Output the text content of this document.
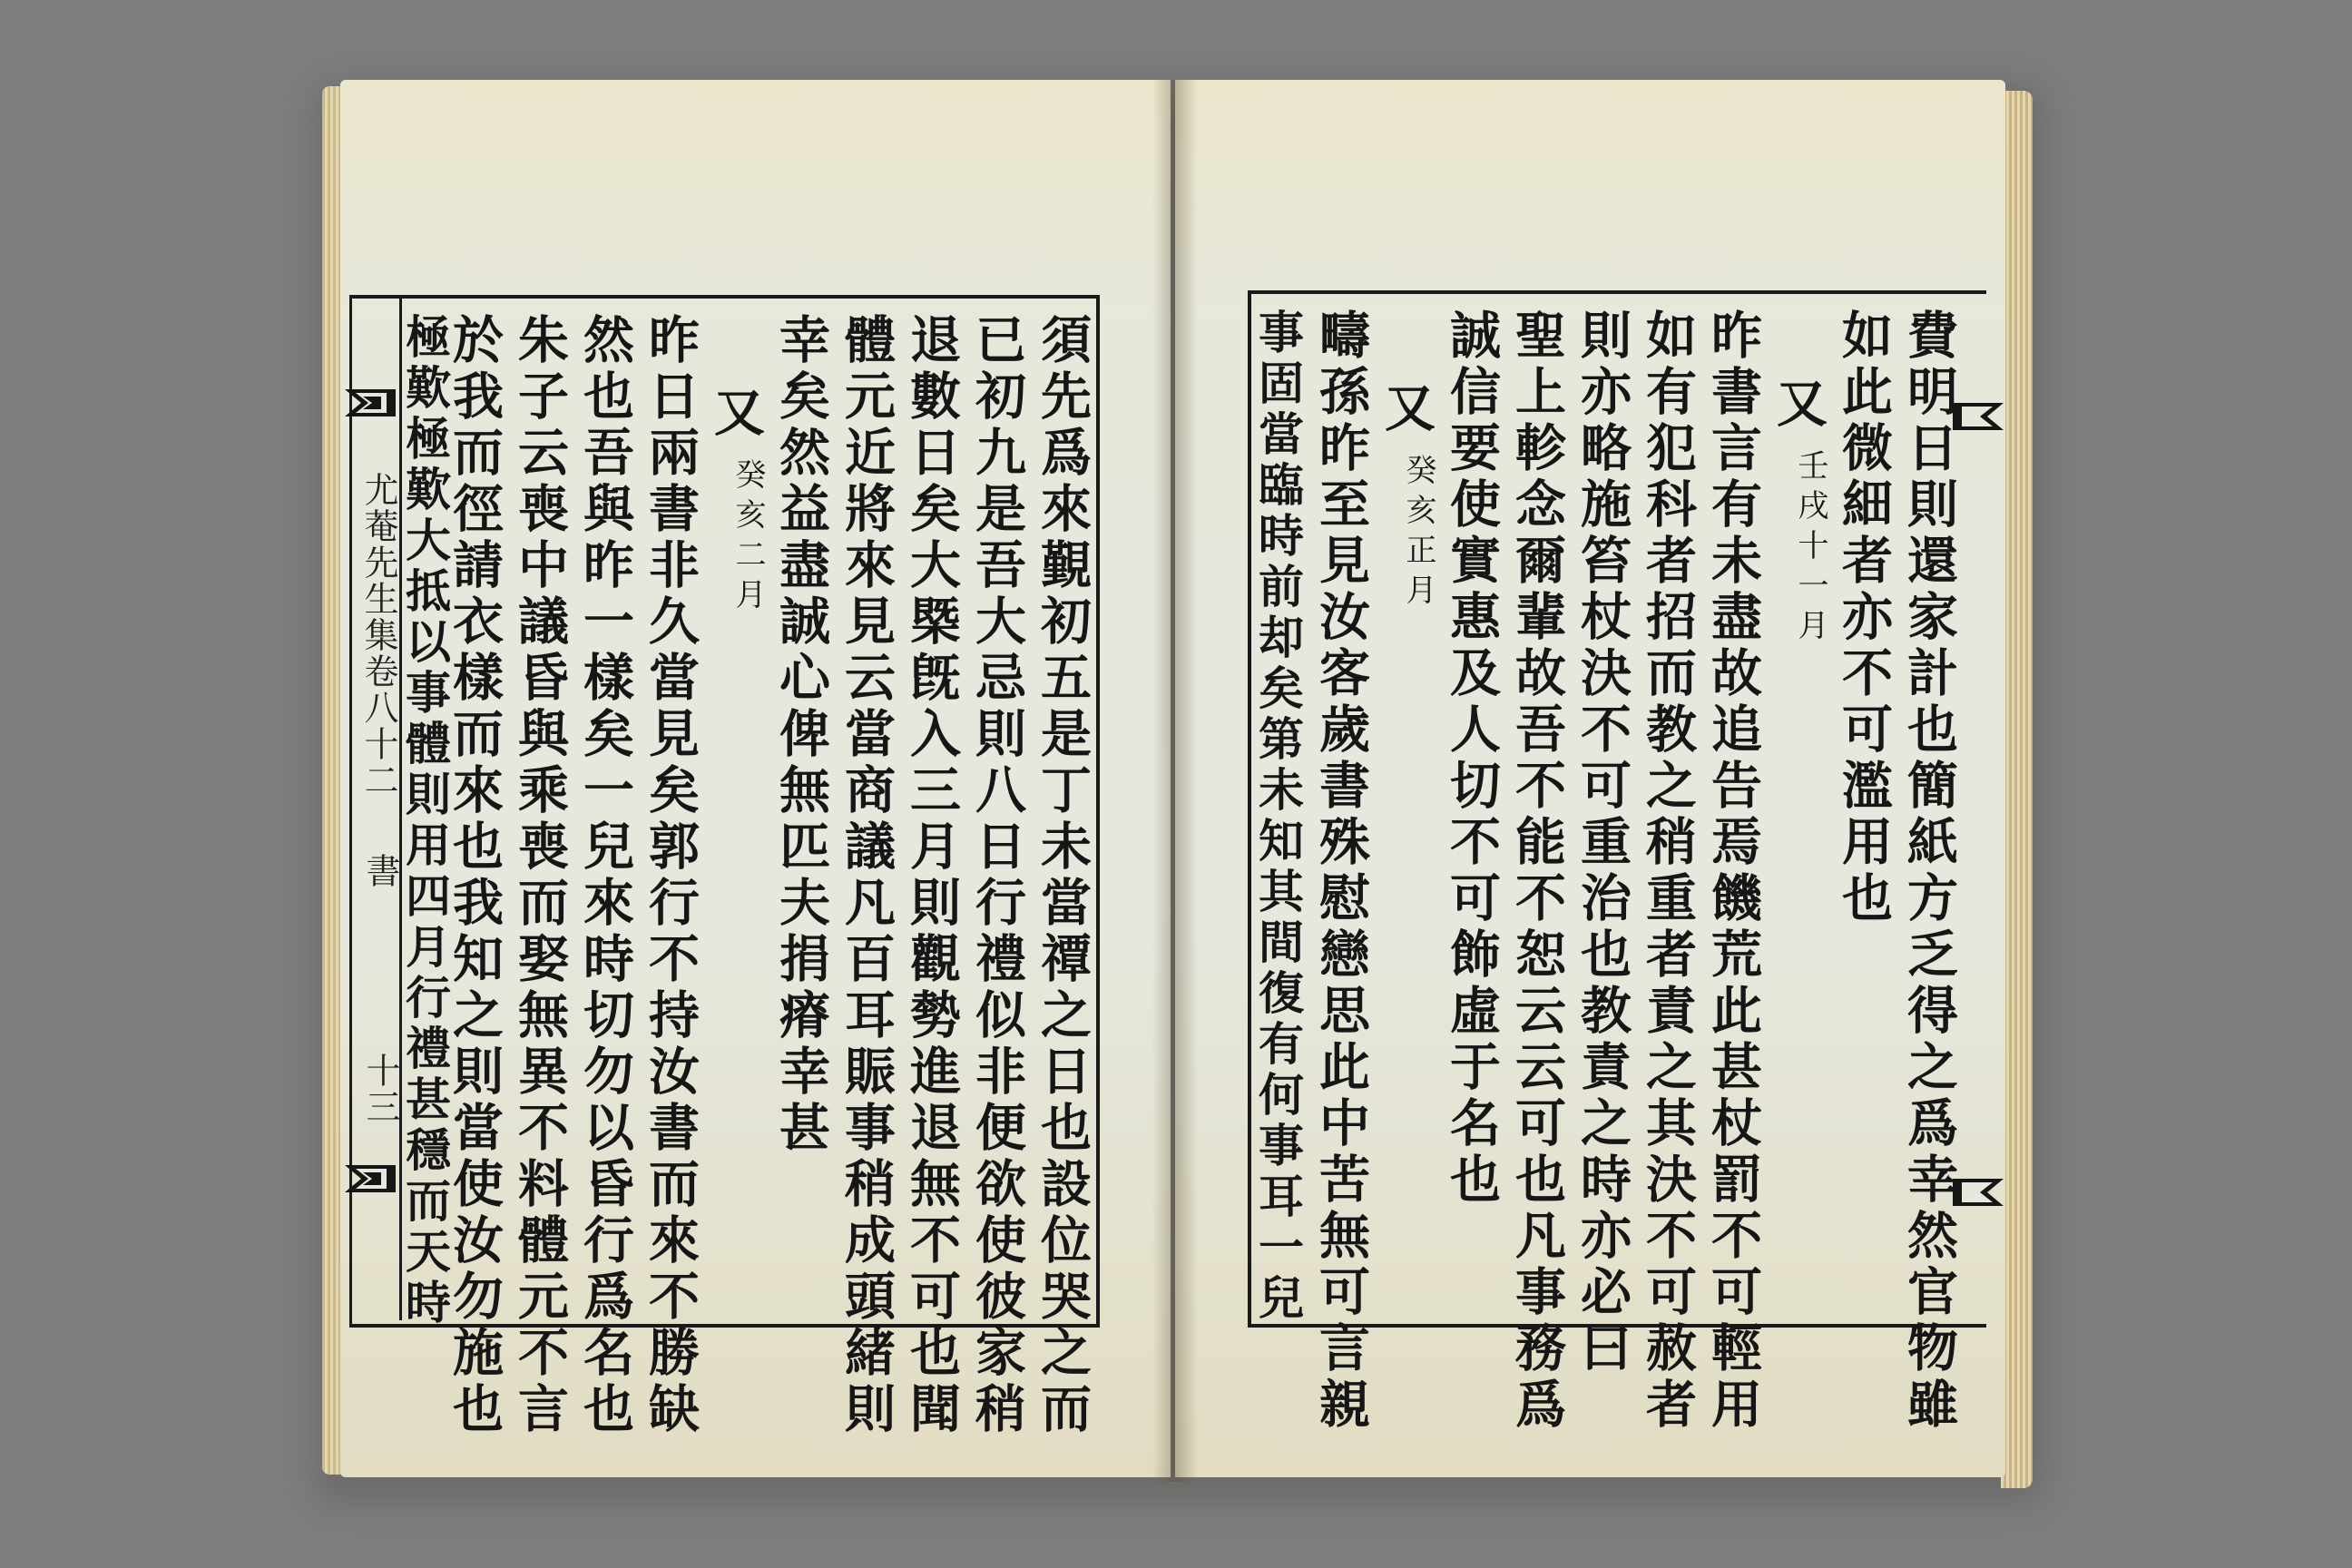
尤菴先生集卷八十二
書
十三	須先爲來覲初五是丁未當禫之日也設位哭之而
已初九是吾大忌則八日行禮似非便欲使彼家稍
退數日矣大槩旣入三月則觀勢進退無不可也聞
體元近將來見云當商議凡百耳賑事稍成頭緒則
幸矣然益盡誠心俾無匹夫捐瘠幸甚
又
癸亥二月
昨日兩書非久當見矣郭行不持汝書而來不勝缺
然也吾與昨一樣矣一兒來時切勿以昏行爲名也
朱子云喪中議昏與乘喪而娶無異不料體元不言
於我而徑請衣樣而來也我知之則當使汝勿施也
極歎極歎大抵以事體則用四月行禮甚穩而天時	費明日則還家計也簡紙方乏得之爲幸然官物雖
如此微細者亦不可濫用也
又
壬戌十一月
昨書言有未盡故追告焉饑荒此甚杖罰不可輕用
如有犯科者招而教之稍重者責之其決不可赦者
則亦略施笞杖決不可重治也教責之時亦必曰
聖上軫念爾輩故吾不能不恕云云可也凡事務爲
誠信要使實惠及人切不可飾虛于名也
又
癸亥正月
疇孫昨至見汝客歲書殊慰戀思此中苦無可言親
事固當臨時前却矣第未知其間復有何事耳一兒
